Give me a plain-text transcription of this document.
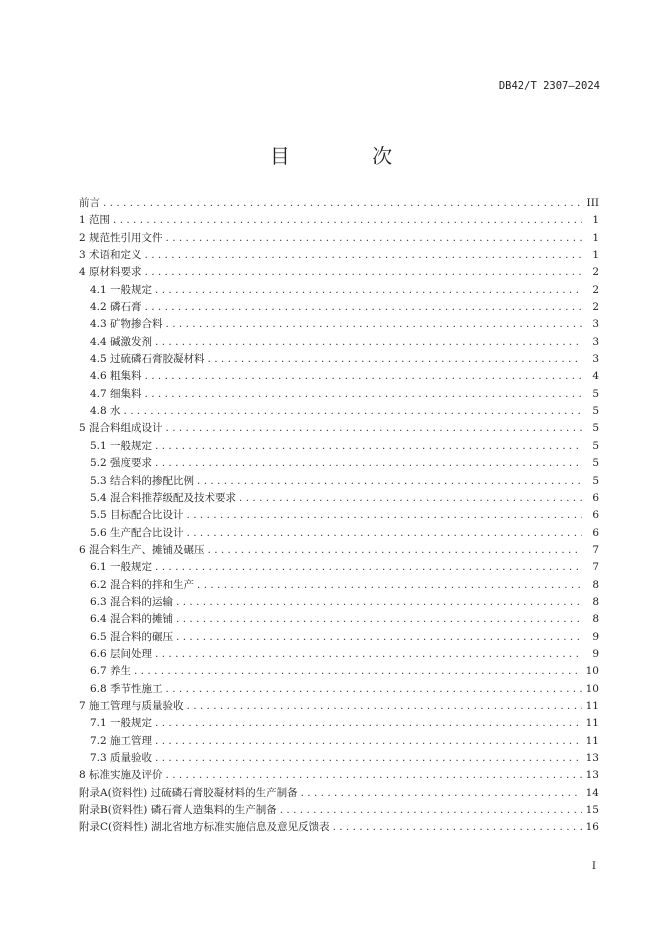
DB42/T 2307—2024
目 次
前言 . . .	III
1 范围 . . .	1
2 规范性引用文件 . . .	1
3 术语和定义 . . .	1
4 原材料要求 . . .	2
4.1 一般规定 . . .	2
4.2 磷石膏 . . .	2
4.3 矿物掺合料 . . .	3
4.4 碱激发剂 . . .	3
4.5 过硫磷石膏胶凝材料 . . .	3
4.6 粗集料 . . .	4
4.7 细集料 . . .	5
4.8 水 . . .	5
5 混合料组成设计 . . .	5
5.1 一般规定 . . .	5
5.2 强度要求 . . .	5
5.3 结合料的掺配比例 . . .	5
5.4 混合料推荐级配及技术要求 . . .	6
5.5 目标配合比设计 . . .	6
5.6 生产配合比设计 . . .	6
6 混合料生产、摊铺及碾压 . . .	7
6.1 一般规定 . . .	7
6.2 混合料的拌和生产 . . .	8
6.3 混合料的运输 . . .	8
6.4 混合料的摊铺 . . .	8
6.5 混合料的碾压 . . .	9
6.6 层间处理 . . .	9
6.7 养生 . . .	10
6.8 季节性施工 . . .	10
7 施工管理与质量验收 . . .	11
7.1 一般规定 . . .	11
7.2 施工管理 . . .	11
7.3 质量验收 . . .	13
8 标准实施及评价 . . .	13
附录A(资料性) 过硫磷石膏胶凝材料的生产制备 . . .	14
附录B(资料性) 磷石膏人造集料的生产制备 . . .	15
附录C(资料性) 湖北省地方标准实施信息及意见反馈表 . . .	16
I
